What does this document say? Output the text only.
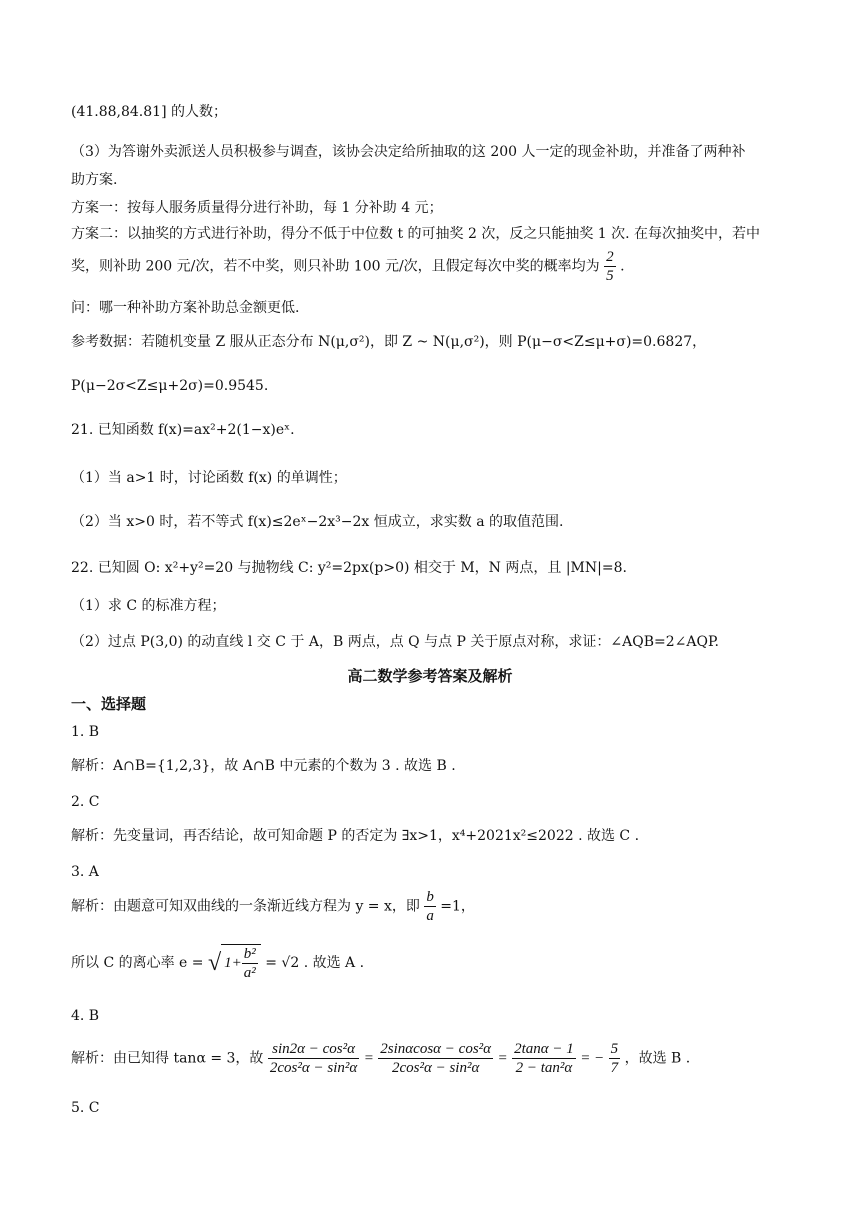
(41.88,84.81] 的人数；
（3）为答谢外卖派送人员积极参与调查，该协会决定给所抽取的这 200 人一定的现金补助，并准备了两种补
助方案.
方案一：按每人服务质量得分进行补助，每 1 分补助 4 元；
方案二：以抽奖的方式进行补助，得分不低于中位数 t 的可抽奖 2 次，反之只能抽奖 1 次. 在每次抽奖中，若中
奖，则补助 200 元/次，若不中奖，则只补助 100 元/次，且假定每次中奖的概率均为 $\frac{2}{5}$ .
问：哪一种补助方案补助总金额更低.
参考数据：若随机变量 Z 服从正态分布 N(μ,σ²)，即 Z ~ N(μ,σ²)，则 P(μ−σ<Z≤μ+σ)=0.6827，
P(μ−2σ<Z≤μ+2σ)=0.9545.
21. 已知函数 f(x)=ax²+2(1−x)eˣ.
（1）当 a>1 时，讨论函数 f(x) 的单调性；
（2）当 x>0 时，若不等式 f(x)≤2eˣ−2x³−2x 恒成立，求实数 a 的取值范围.
22. 已知圆 O: x²+y²=20 与抛物线 C: y²=2px(p>0) 相交于 M，N 两点，且 |MN|=8.
（1）求 C 的标准方程；
（2）过点 P(3,0) 的动直线 l 交 C 于 A，B 两点，点 Q 与点 P 关于原点对称，求证：∠AQB=2∠AQP.
高二数学参考答案及解析
一、选择题
1. B
解析：A∩B={1,2,3}，故 A∩B 中元素的个数为 3 . 故选 B .
2. C
解析：先变量词，再否结论，故可知命题 P 的否定为 ∃x>1，x⁴+2021x²≤2022 . 故选 C .
3. A
解析：由题意可知双曲线的一条渐近线方程为 y = x，即 $\frac{b}{a} =1$，
所以 C 的离心率 e = √ $1+ \frac{\text{b²}}{\text{a²}} = √2$ . 故选 A .
4. B
解析：由已知得 tanα = 3，故 $\frac{\text{sin2α − cos²α}}{\text{2cos²α − sin²α}} = \frac{\text{2sinαcosα − cos²α}}{\text{2cos²α − sin²α}} = \frac{2\tan\alpha - 1}{\text{2 − tan²α}}$ = − $\frac{5}{7}$ ，故选 B .
5. C
